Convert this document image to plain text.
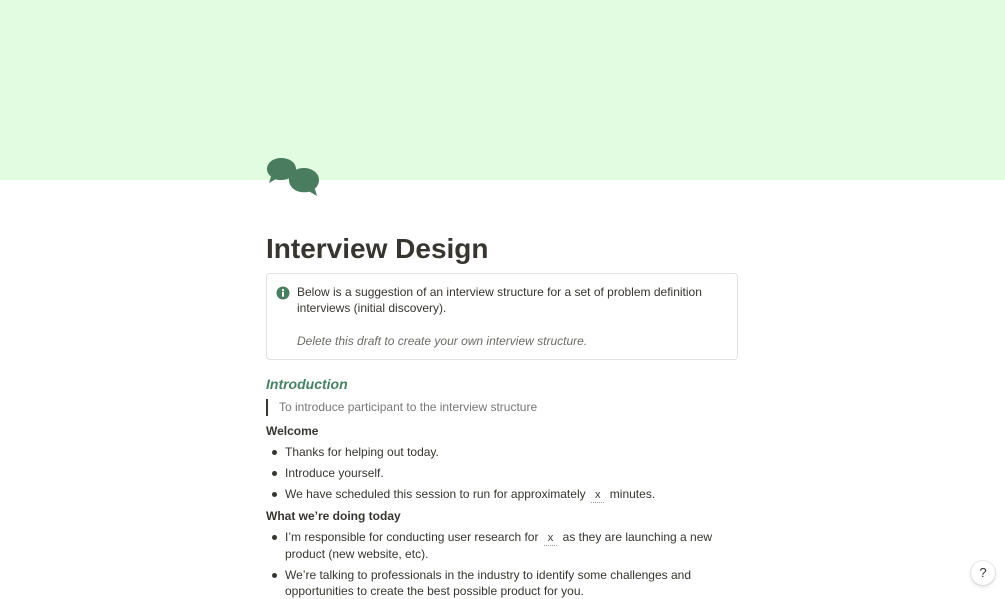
Interview Design
Below is a suggestion of an interview structure for a set of problem definition interviews (initial discovery).
Delete this draft to create your own interview structure.
Introduction
To introduce participant to the interview structure
Welcome
Thanks for helping out today.
Introduce yourself.
We have scheduled this session to run for approximately x minutes.
What we’re doing today
I’m responsible for conducting user research for x as they are launching a new product (new website, etc).
We’re talking to professionals in the industry to identify some challenges and opportunities to create the best possible product for you.
?
